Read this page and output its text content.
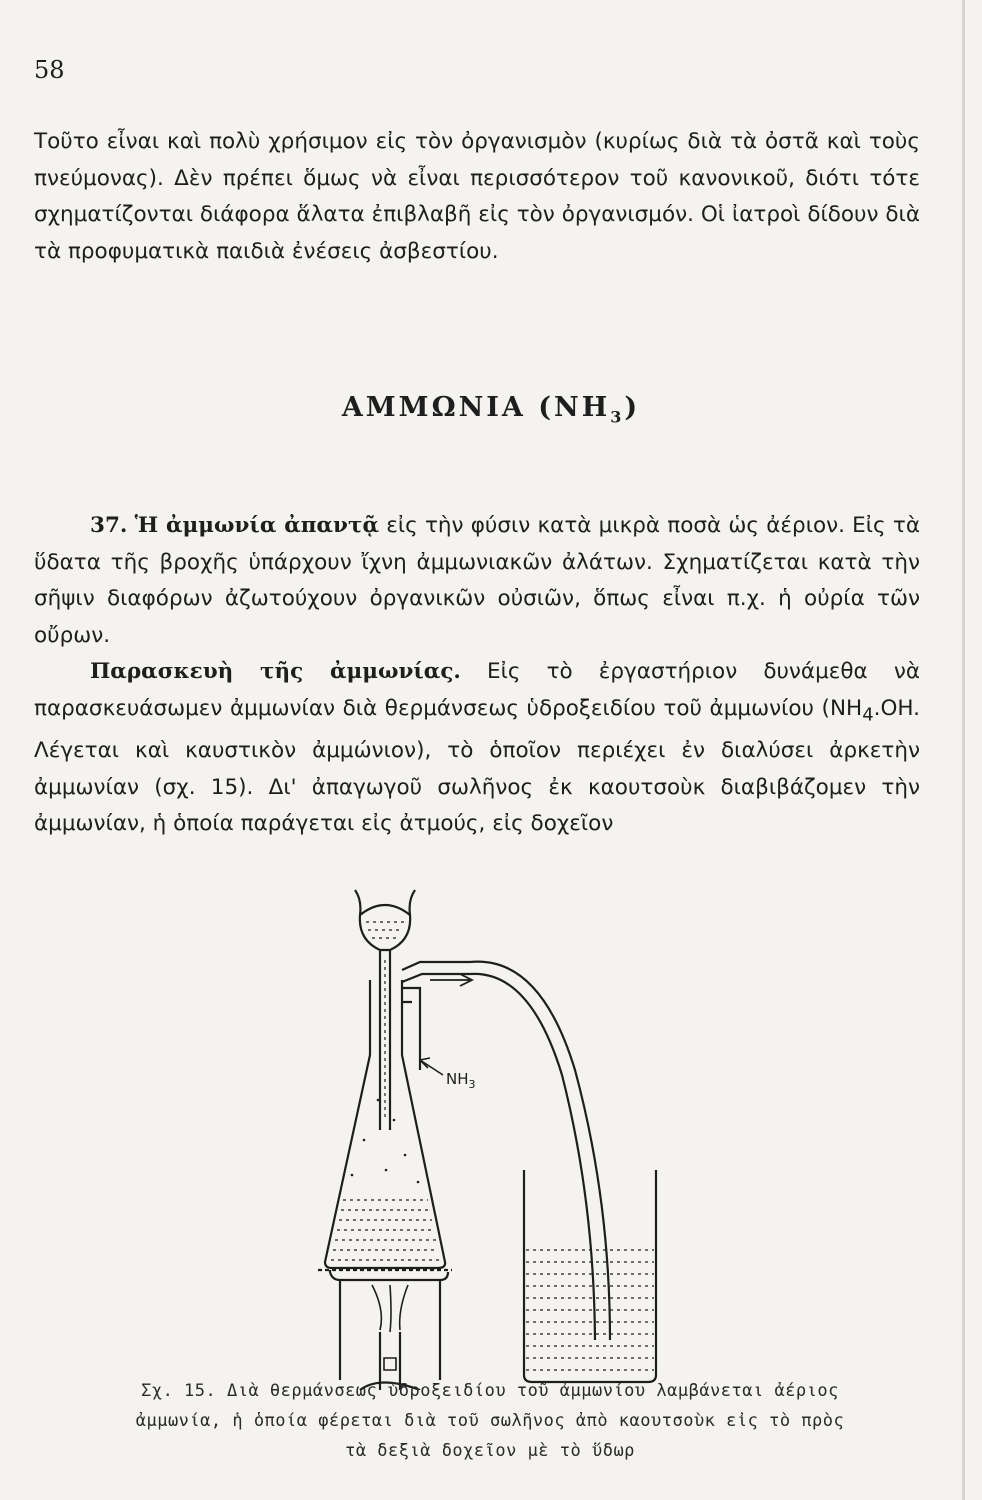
58

Τοῦτο εἶναι καὶ πολὺ χρήσιμον εἰς τὸν ὀργανισμὸν (κυρίως διὰ τὰ ὀστᾶ καὶ τοὺς πνεύμονας). Δὲν πρέπει ὅμως νὰ εἶναι περισσότερον τοῦ κανονικοῦ, διότι τότε σχηματίζονται διάφορα ἅλατα ἐπιβλαβῆ εἰς τὸν ὀργανισμόν. Οἱ ἰατροὶ δίδουν διὰ τὰ προφυματικὰ παιδιὰ ἐνέσεις ἀσβεστίου.

ΑΜΜΩΝΙΑ $(NH_3)$

37. Ἡ ἀμμωνία ἀπαντᾷ εἰς τὴν φύσιν κατὰ μικρὰ ποσὰ ὡς ἀέριον. Εἰς τὰ ὕδατα τῆς βροχῆς ὑπάρχουν ἴχνη ἀμμωνιακῶν ἀλάτων. Σχηματίζεται κατὰ τὴν σῆψιν διαφόρων ἀζωτούχουν ὀργανικῶν οὐσιῶν, ὅπως εἶναι π.χ. ἡ οὐρία τῶν οὔρων.
Παρασκευὴ τῆς ἀμμωνίας. Εἰς τὸ ἐργαστήριον δυνάμεθα νὰ παρασκευάσωμεν ἀμμωνίαν διὰ θερμάνσεως ὑδροξειδίου τοῦ ἀμμωνίου ($NH_4.OH$. Λέγεται καὶ καυστικὸν ἀμμώνιον), τὸ ὁποῖον περιέχει ἐν διαλύσει ἀρκετὴν ἀμμωνίαν (σχ. 15). Δι' ἀπαγωγοῦ σωλῆνος ἐκ καουτσοὺκ διαβιβάζομεν τὴν ἀμμωνίαν, ἡ ὁποία παράγεται εἰς ἀτμούς, εἰς δοχεῖον

$NH_3$
Σχ. 15. Διὰ θερμάνσεως ὑδροξειδίου τοῦ ἀμμωνίου λαμβάνεται ἀέριος ἀμμωνία, ἡ ὁποία φέρεται διὰ τοῦ σωλῆνος ἀπὸ καουτσοὺκ εἰς τὸ πρὸς τὰ δεξιὰ δοχεῖον μὲ τὸ ὕδωρ
